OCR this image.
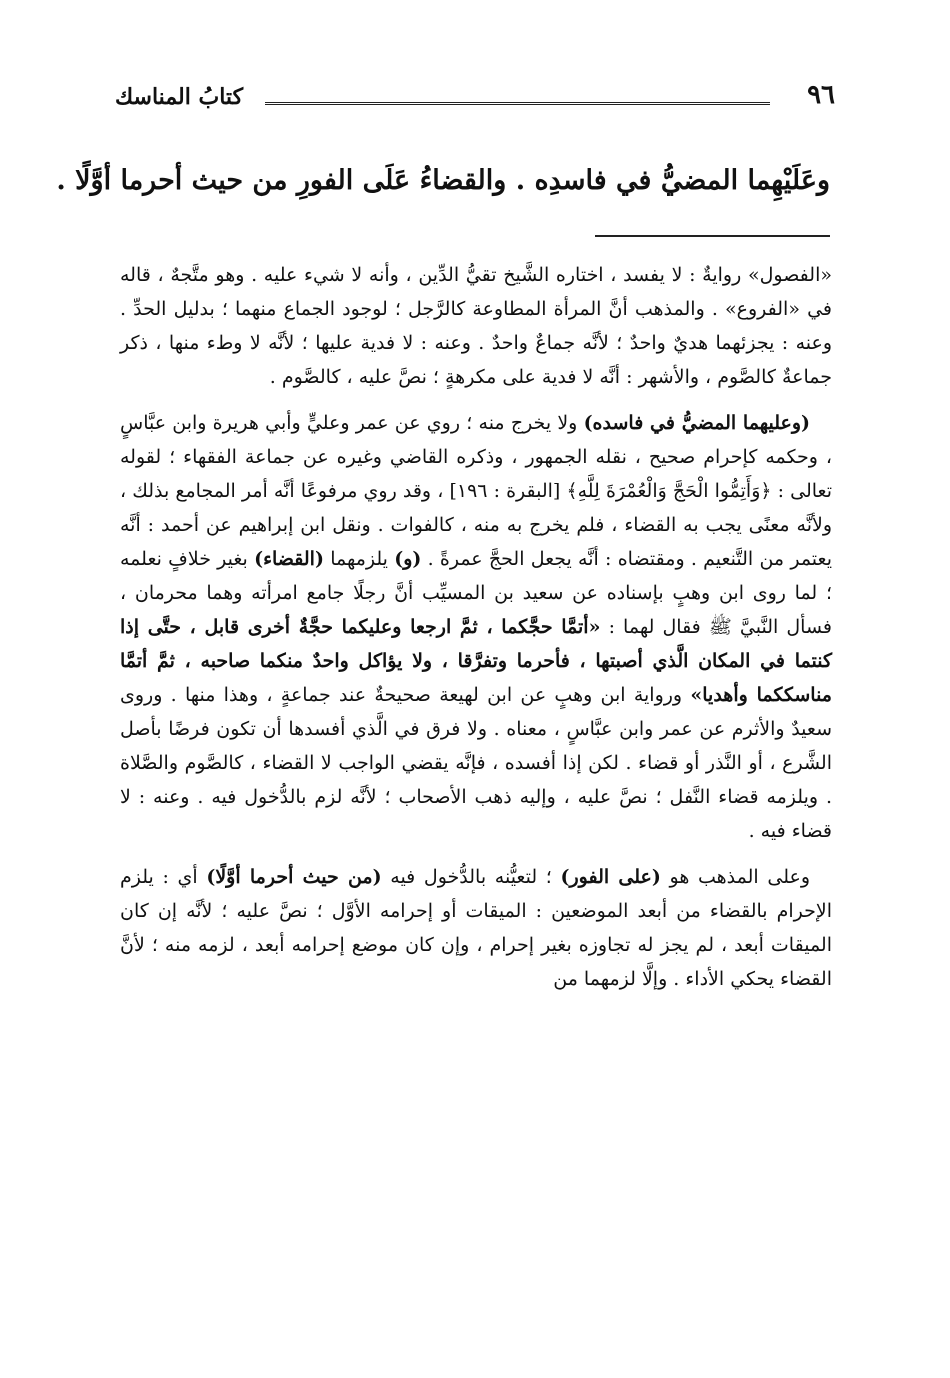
٩٦
كتابُ المناسك
وعَلَيْهِما المضيُّ في فاسدِه . والقضاءُ عَلَى الفورِ من حيث أحرما أوَّلًا .

«الفصول» روايةٌ : لا يفسد ، اختاره الشَّيخ تقيُّ الدِّين ، وأنه لا شيء عليه . وهو متَّجهٌ ، قاله في «الفروع» . والمذهب أنَّ المرأة المطاوعة كالرَّجل ؛ لوجود الجماع منهما ؛ بدليل الحدِّ . وعنه : يجزئهما هديٌ واحدٌ ؛ لأنَّه جماعٌ واحدٌ . وعنه : لا فدية عليها ؛ لأنَّه لا وطء منها ، ذكر جماعةٌ كالصَّوم ، والأشهر : أنَّه لا فدية على مكرهةٍ ؛ نصَّ عليه ، كالصَّوم .

(وعليهما المضيُّ في فاسده) ولا يخرج منه ؛ روي عن عمر وعليٍّ وأبي هريرة وابن عبَّاسٍ ، وحكمه كإحرام صحيح ، نقله الجمهور ، وذكره القاضي وغيره عن جماعة الفقهاء ؛ لقوله تعالى : ﴿وَأَتِمُّوا الْحَجَّ وَالْعُمْرَةَ لِلَّهِ﴾ [البقرة : ١٩٦] ، وقد روي مرفوعًا أنَّه أمر المجامع بذلك ، ولأنَّه معنًى يجب به القضاء ، فلم يخرج به منه ، كالفوات . ونقل ابن إبراهيم عن أحمد : أنَّه يعتمر من التَّنعيم . ومقتضاه : أنَّه يجعل الحجَّ عمرةً . (و) يلزمهما (القضاء) بغير خلافٍ نعلمه ؛ لما روى ابن وهبٍ بإسناده عن سعيد بن المسيِّب أنَّ رجلًا جامع امرأته وهما محرمان ، فسأل النَّبيَّ ﷺ فقال لهما : «أتمَّا حجَّكما ، ثمَّ ارجعا وعليكما حجَّةٌ أخرى قابل ، حتَّى إذا كنتما في المكان الَّذي أصبتها ، فأحرما وتفرَّقا ، ولا يؤاكل واحدٌ منكما صاحبه ، ثمَّ أتمَّا مناسككما وأهديا» ورواية ابن وهبٍ عن ابن لهيعة صحيحةٌ عند جماعةٍ ، وهذا منها . وروى سعيدٌ والأثرم عن عمر وابن عبَّاسٍ ، معناه . ولا فرق في الَّذي أفسدها أن تكون فرضًا بأصل الشَّرع ، أو النَّذر أو قضاء . لكن إذا أفسده ، فإنَّه يقضي الواجب لا القضاء ، كالصَّوم والصَّلاة . ويلزمه قضاء النَّفل ؛ نصَّ عليه ، وإليه ذهب الأصحاب ؛ لأنَّه لزم بالدُّخول فيه . وعنه : لا قضاء فيه .

وعلى المذهب هو (على الفور) ؛ لتعيُّنه بالدُّخول فيه (من حيث أحرما أوَّلًا) أي : يلزم الإحرام بالقضاء من أبعد الموضعين : الميقات أو إحرامه الأوَّل ؛ نصَّ عليه ؛ لأنَّه إن كان الميقات أبعد ، لم يجز له تجاوزه بغير إحرام ، وإن كان موضع إحرامه أبعد ، لزمه منه ؛ لأنَّ القضاء يحكي الأداء . وإلَّا لزمهما من
